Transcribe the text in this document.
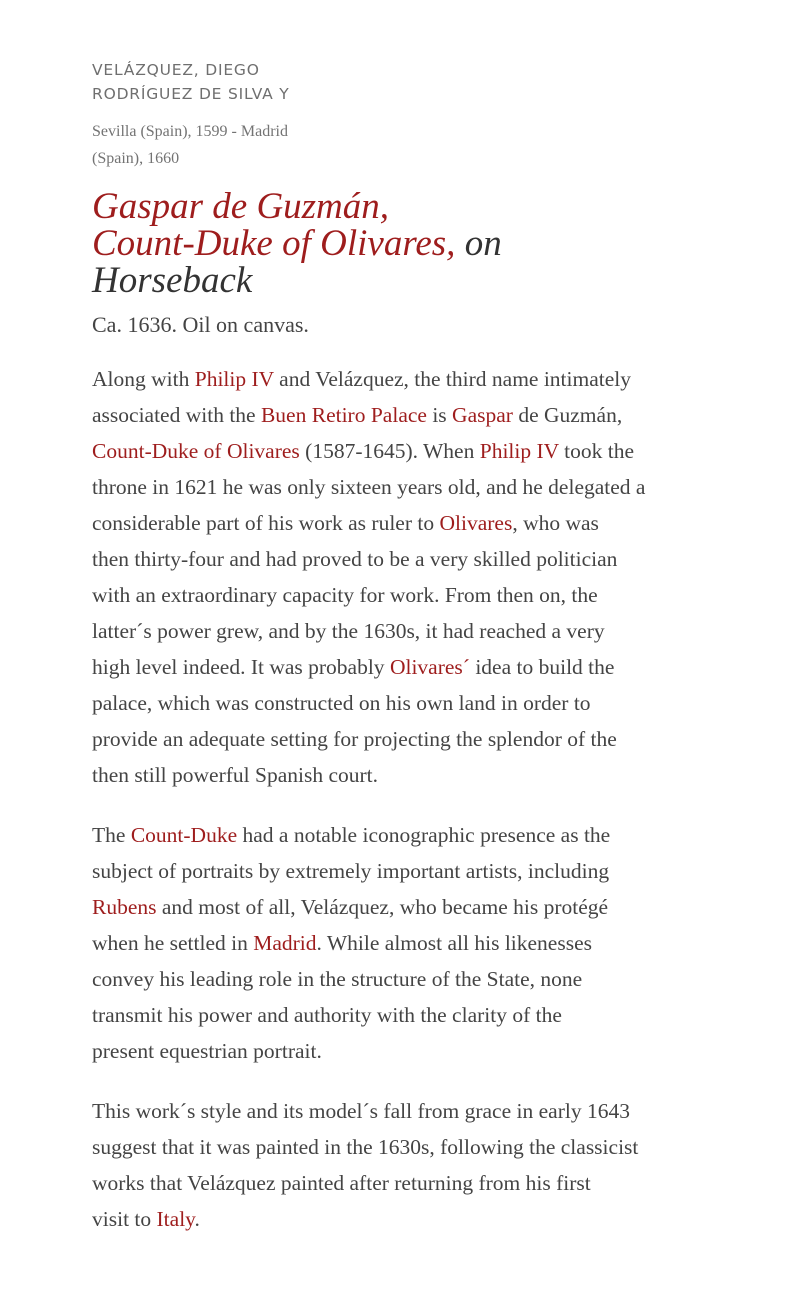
VELÁZQUEZ, DIEGO
RODRÍGUEZ DE SILVA Y
Sevilla (Spain), 1599 - Madrid
(Spain), 1660
Gaspar de Guzmán,
Count-Duke of Olivares, on
Horseback
Ca. 1636. Oil on canvas.

Along with Philip IV and Velázquez, the third name intimately
associated with the Buen Retiro Palace is Gaspar de Guzmán,
Count-Duke of Olivares (1587-1645). When Philip IV took the
throne in 1621 he was only sixteen years old, and he delegated a
considerable part of his work as ruler to Olivares, who was
then thirty-four and had proved to be a very skilled politician
with an extraordinary capacity for work. From then on, the
latter´s power grew, and by the 1630s, it had reached a very
high level indeed. It was probably Olivares´ idea to build the
palace, which was constructed on his own land in order to
provide an adequate setting for projecting the splendor of the
then still powerful Spanish court.

The Count-Duke had a notable iconographic presence as the
subject of portraits by extremely important artists, including
Rubens and most of all, Velázquez, who became his protégé
when he settled in Madrid. While almost all his likenesses
convey his leading role in the structure of the State, none
transmit his power and authority with the clarity of the
present equestrian portrait.

This work´s style and its model´s fall from grace in early 1643
suggest that it was painted in the 1630s, following the classicist
works that Velázquez painted after returning from his first
visit to Italy.
